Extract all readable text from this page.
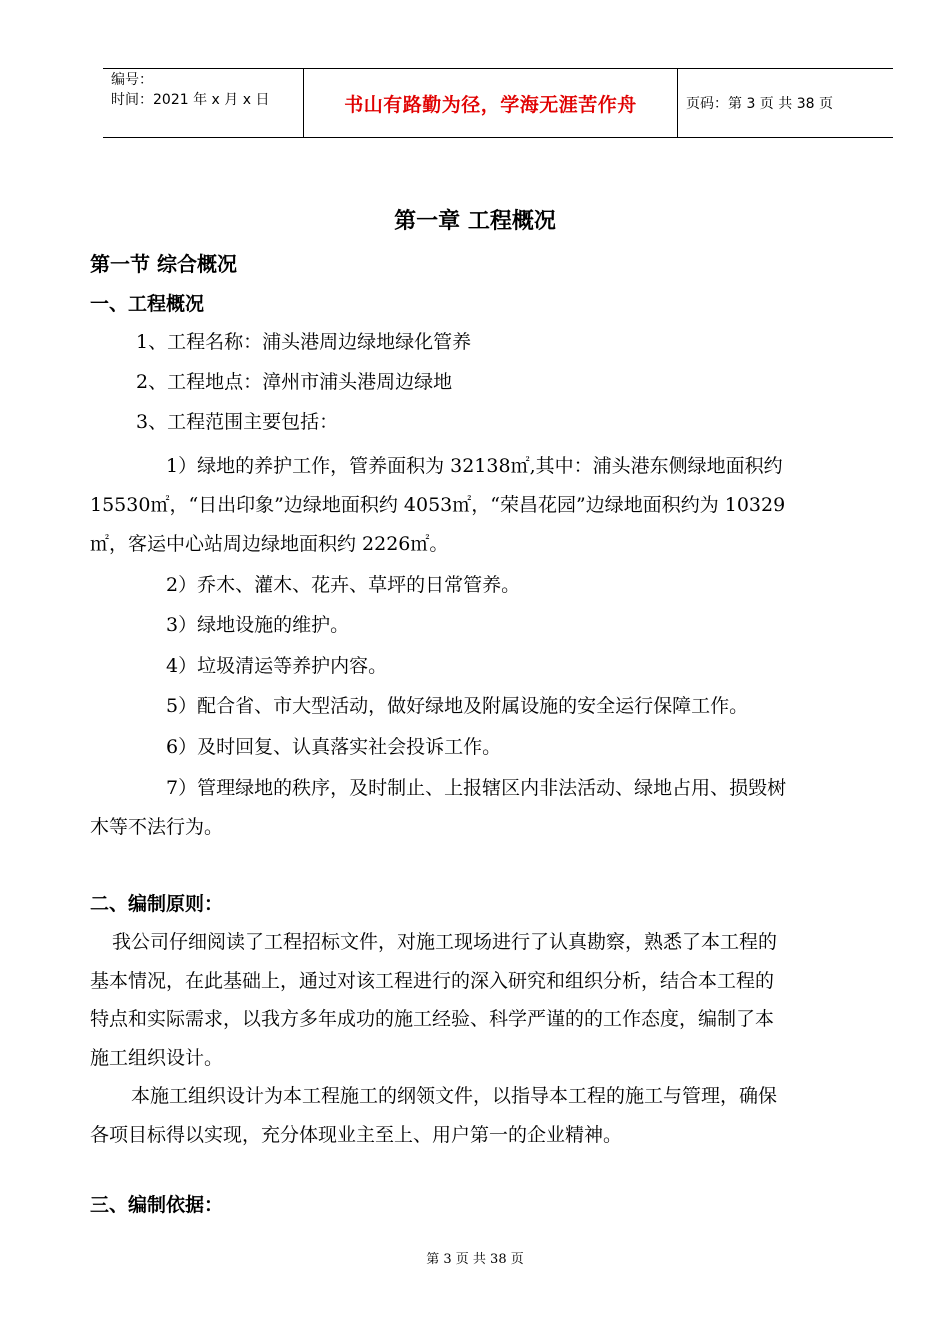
编号：
时间：2021 年 x 月 x 日	书山有路勤为径，学海无涯苦作舟	页码：第 3 页 共 38 页
第一章 工程概况
第一节 综合概况
一、工程概况
1、工程名称：浦头港周边绿地绿化管养
2、工程地点：漳州市浦头港周边绿地
3、工程范围主要包括：
1）绿地的养护工作，管养面积为 32138㎡,其中：浦头港东侧绿地面积约
15530㎡，“日出印象”边绿地面积约 4053㎡，“荣昌花园”边绿地面积约为 10329
㎡，客运中心站周边绿地面积约 2226㎡。
2）乔木、灌木、花卉、草坪的日常管养。
3）绿地设施的维护。
4）垃圾清运等养护内容。
5）配合省、市大型活动，做好绿地及附属设施的安全运行保障工作。
6）及时回复、认真落实社会投诉工作。
7）管理绿地的秩序，及时制止、上报辖区内非法活动、绿地占用、损毁树
木等不法行为。
二、编制原则：
我公司仔细阅读了工程招标文件，对施工现场进行了认真勘察，熟悉了本工程的
基本情况，在此基础上，通过对该工程进行的深入研究和组织分析，结合本工程的
特点和实际需求，以我方多年成功的施工经验、科学严谨的的工作态度，编制了本
施工组织设计。
本施工组织设计为本工程施工的纲领文件，以指导本工程的施工与管理，确保
各项目标得以实现，充分体现业主至上、用户第一的企业精神。
三、编制依据：
第 3 页 共 38 页
